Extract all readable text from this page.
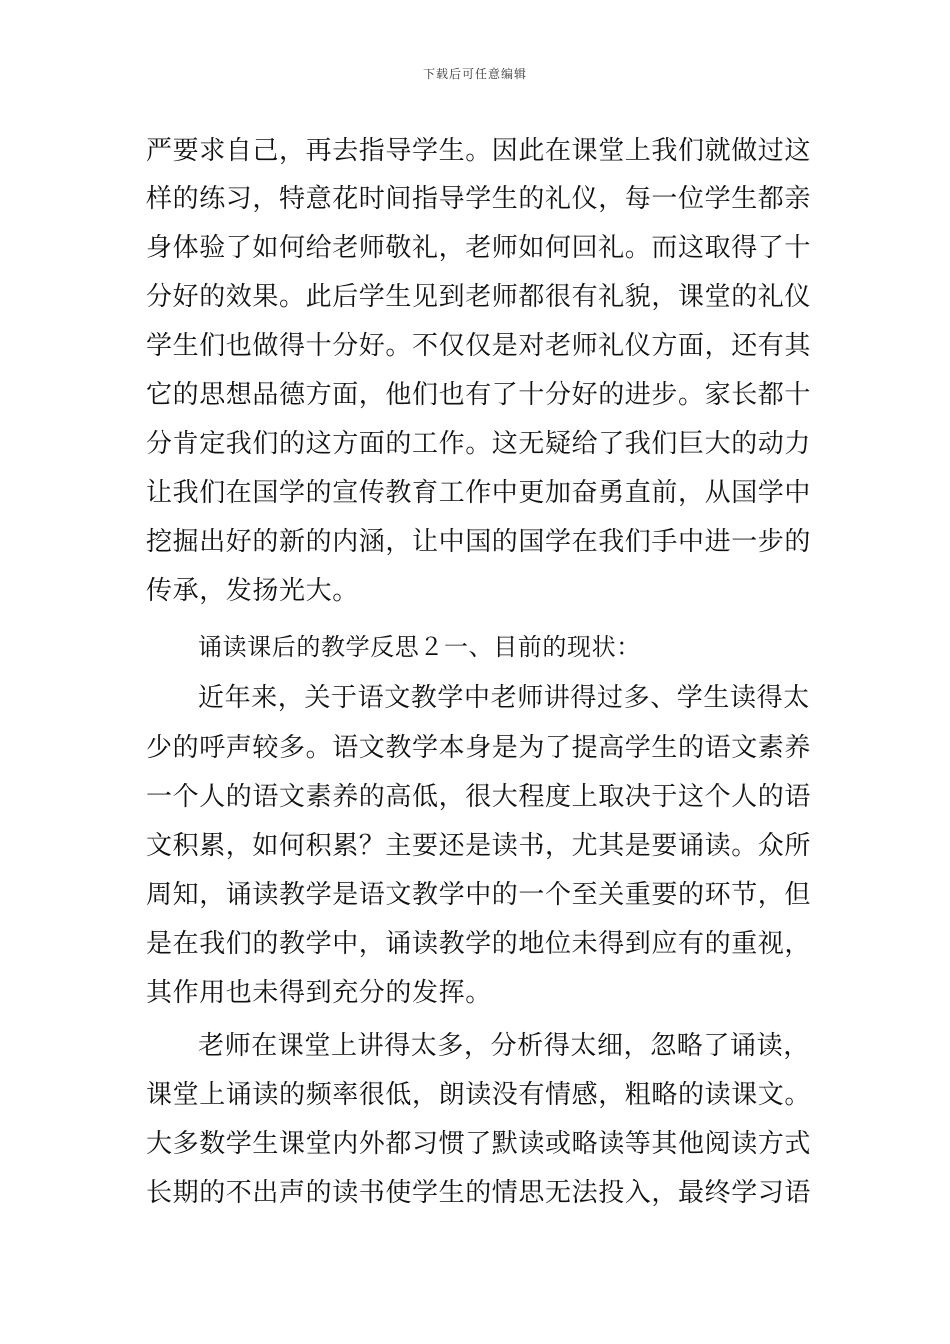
下载后可任意编辑
严要求自己，再去指导学生。因此在课堂上我们就做过这
样的练习，特意花时间指导学生的礼仪，每一位学生都亲
身体验了如何给老师敬礼，老师如何回礼。而这取得了十
分好的效果。此后学生见到老师都很有礼貌，课堂的礼仪
学生们也做得十分好。不仅仅是对老师礼仪方面，还有其
它的思想品德方面，他们也有了十分好的进步。家长都十
分肯定我们的这方面的工作。这无疑给了我们巨大的动力
让我们在国学的宣传教育工作中更加奋勇直前，从国学中
挖掘出好的新的内涵，让中国的国学在我们手中进一步的
传承，发扬光大。
诵读课后的教学反思２一、目前的现状：
近年来，关于语文教学中老师讲得过多、学生读得太
少的呼声较多。语文教学本身是为了提高学生的语文素养
一个人的语文素养的高低，很大程度上取决于这个人的语
文积累，如何积累？主要还是读书，尤其是要诵读。众所
周知，诵读教学是语文教学中的一个至关重要的环节，但
是在我们的教学中，诵读教学的地位未得到应有的重视，
其作用也未得到充分的发挥。
老师在课堂上讲得太多，分析得太细，忽略了诵读，
课堂上诵读的频率很低，朗读没有情感，粗略的读课文。
大多数学生课堂内外都习惯了默读或略读等其他阅读方式
长期的不出声的读书使学生的情思无法投入，最终学习语
